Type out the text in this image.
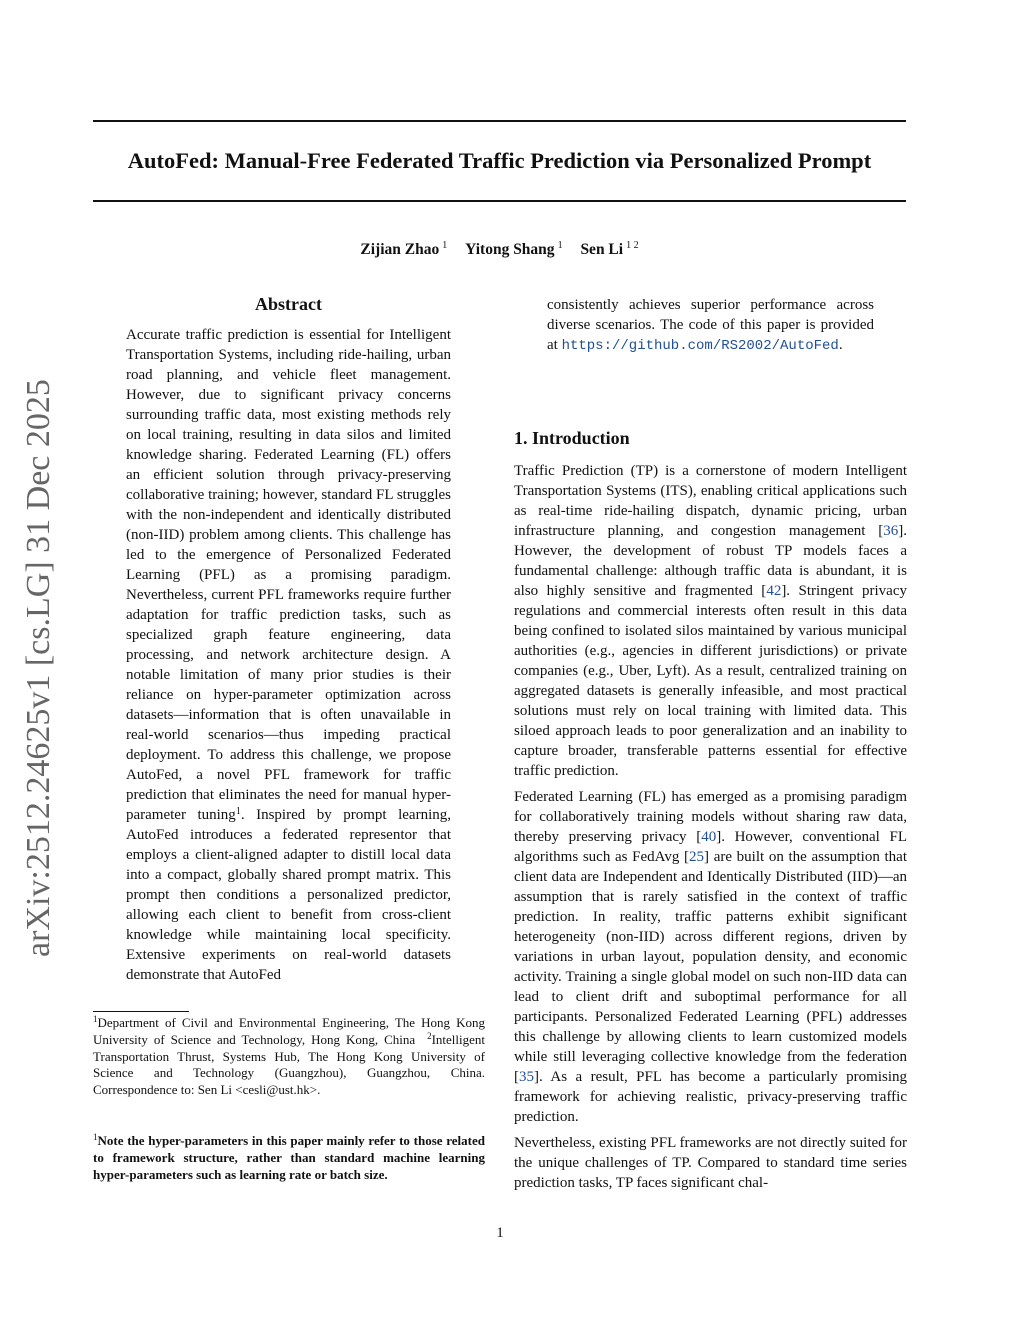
AutoFed: Manual-Free Federated Traffic Prediction via Personalized Prompt
Zijian Zhao $^1$ Yitong Shang $^1$ Sen Li $^{1 2}$
arXiv:2512.24625v1 [cs.LG] 31 Dec 2025
Abstract

Accurate traffic prediction is essential for Intelligent Transportation Systems, including ride-hailing, urban road planning, and vehicle fleet management. However, due to significant privacy concerns surrounding traffic data, most existing methods rely on local training, resulting in data silos and limited knowledge sharing. Federated Learning (FL) offers an efficient solution through privacy-preserving collaborative training; however, standard FL struggles with the non-independent and identically distributed (non-IID) problem among clients. This challenge has led to the emergence of Personalized Federated Learning (PFL) as a promising paradigm. Nevertheless, current PFL frameworks require further adaptation for traffic prediction tasks, such as specialized graph feature engineering, data processing, and network architecture design. A notable limitation of many prior studies is their reliance on hyper-parameter optimization across datasets—information that is often unavailable in real-world scenarios—thus impeding practical deployment. To address this challenge, we propose AutoFed, a novel PFL framework for traffic prediction that eliminates the need for manual hyper-parameter tuning$^1$. Inspired by prompt learning, AutoFed introduces a federated representor that employs a client-aligned adapter to distill local data into a compact, globally shared prompt matrix. This prompt then conditions a personalized predictor, allowing each client to benefit from cross-client knowledge while maintaining local specificity. Extensive experiments on real-world datasets demonstrate that AutoFed

$^1$Department of Civil and Environmental Engineering, The Hong Kong University of Science and Technology, Hong Kong, China $^2$Intelligent Transportation Thrust, Systems Hub, The Hong Kong University of Science and Technology (Guangzhou), Guangzhou, China. Correspondence to: Sen Li <cesli@ust.hk>.

$^1$Note the hyper-parameters in this paper mainly refer to those related to framework structure, rather than standard machine learning hyper-parameters such as learning rate or batch size.

consistently achieves superior performance across diverse scenarios. The code of this paper is provided at https://github.com/RS2002/AutoFed.

1. Introduction

Traffic Prediction (TP) is a cornerstone of modern Intelligent Transportation Systems (ITS), enabling critical applications such as real-time ride-hailing dispatch, dynamic pricing, urban infrastructure planning, and congestion management [36]. However, the development of robust TP models faces a fundamental challenge: although traffic data is abundant, it is also highly sensitive and fragmented [42]. Stringent privacy regulations and commercial interests often result in this data being confined to isolated silos maintained by various municipal authorities (e.g., agencies in different jurisdictions) or private companies (e.g., Uber, Lyft). As a result, centralized training on aggregated datasets is generally infeasible, and most practical solutions must rely on local training with limited data. This siloed approach leads to poor generalization and an inability to capture broader, transferable patterns essential for effective traffic prediction.

Federated Learning (FL) has emerged as a promising paradigm for collaboratively training models without sharing raw data, thereby preserving privacy [40]. However, conventional FL algorithms such as FedAvg [25] are built on the assumption that client data are Independent and Identically Distributed (IID)—an assumption that is rarely satisfied in the context of traffic prediction. In reality, traffic patterns exhibit significant heterogeneity (non-IID) across different regions, driven by variations in urban layout, population density, and economic activity. Training a single global model on such non-IID data can lead to client drift and suboptimal performance for all participants. Personalized Federated Learning (PFL) addresses this challenge by allowing clients to learn customized models while still leveraging collective knowledge from the federation [35]. As a result, PFL has become a particularly promising framework for achieving realistic, privacy-preserving traffic prediction.

Nevertheless, existing PFL frameworks are not directly suited for the unique challenges of TP. Compared to standard time series prediction tasks, TP faces significant chal-

1
